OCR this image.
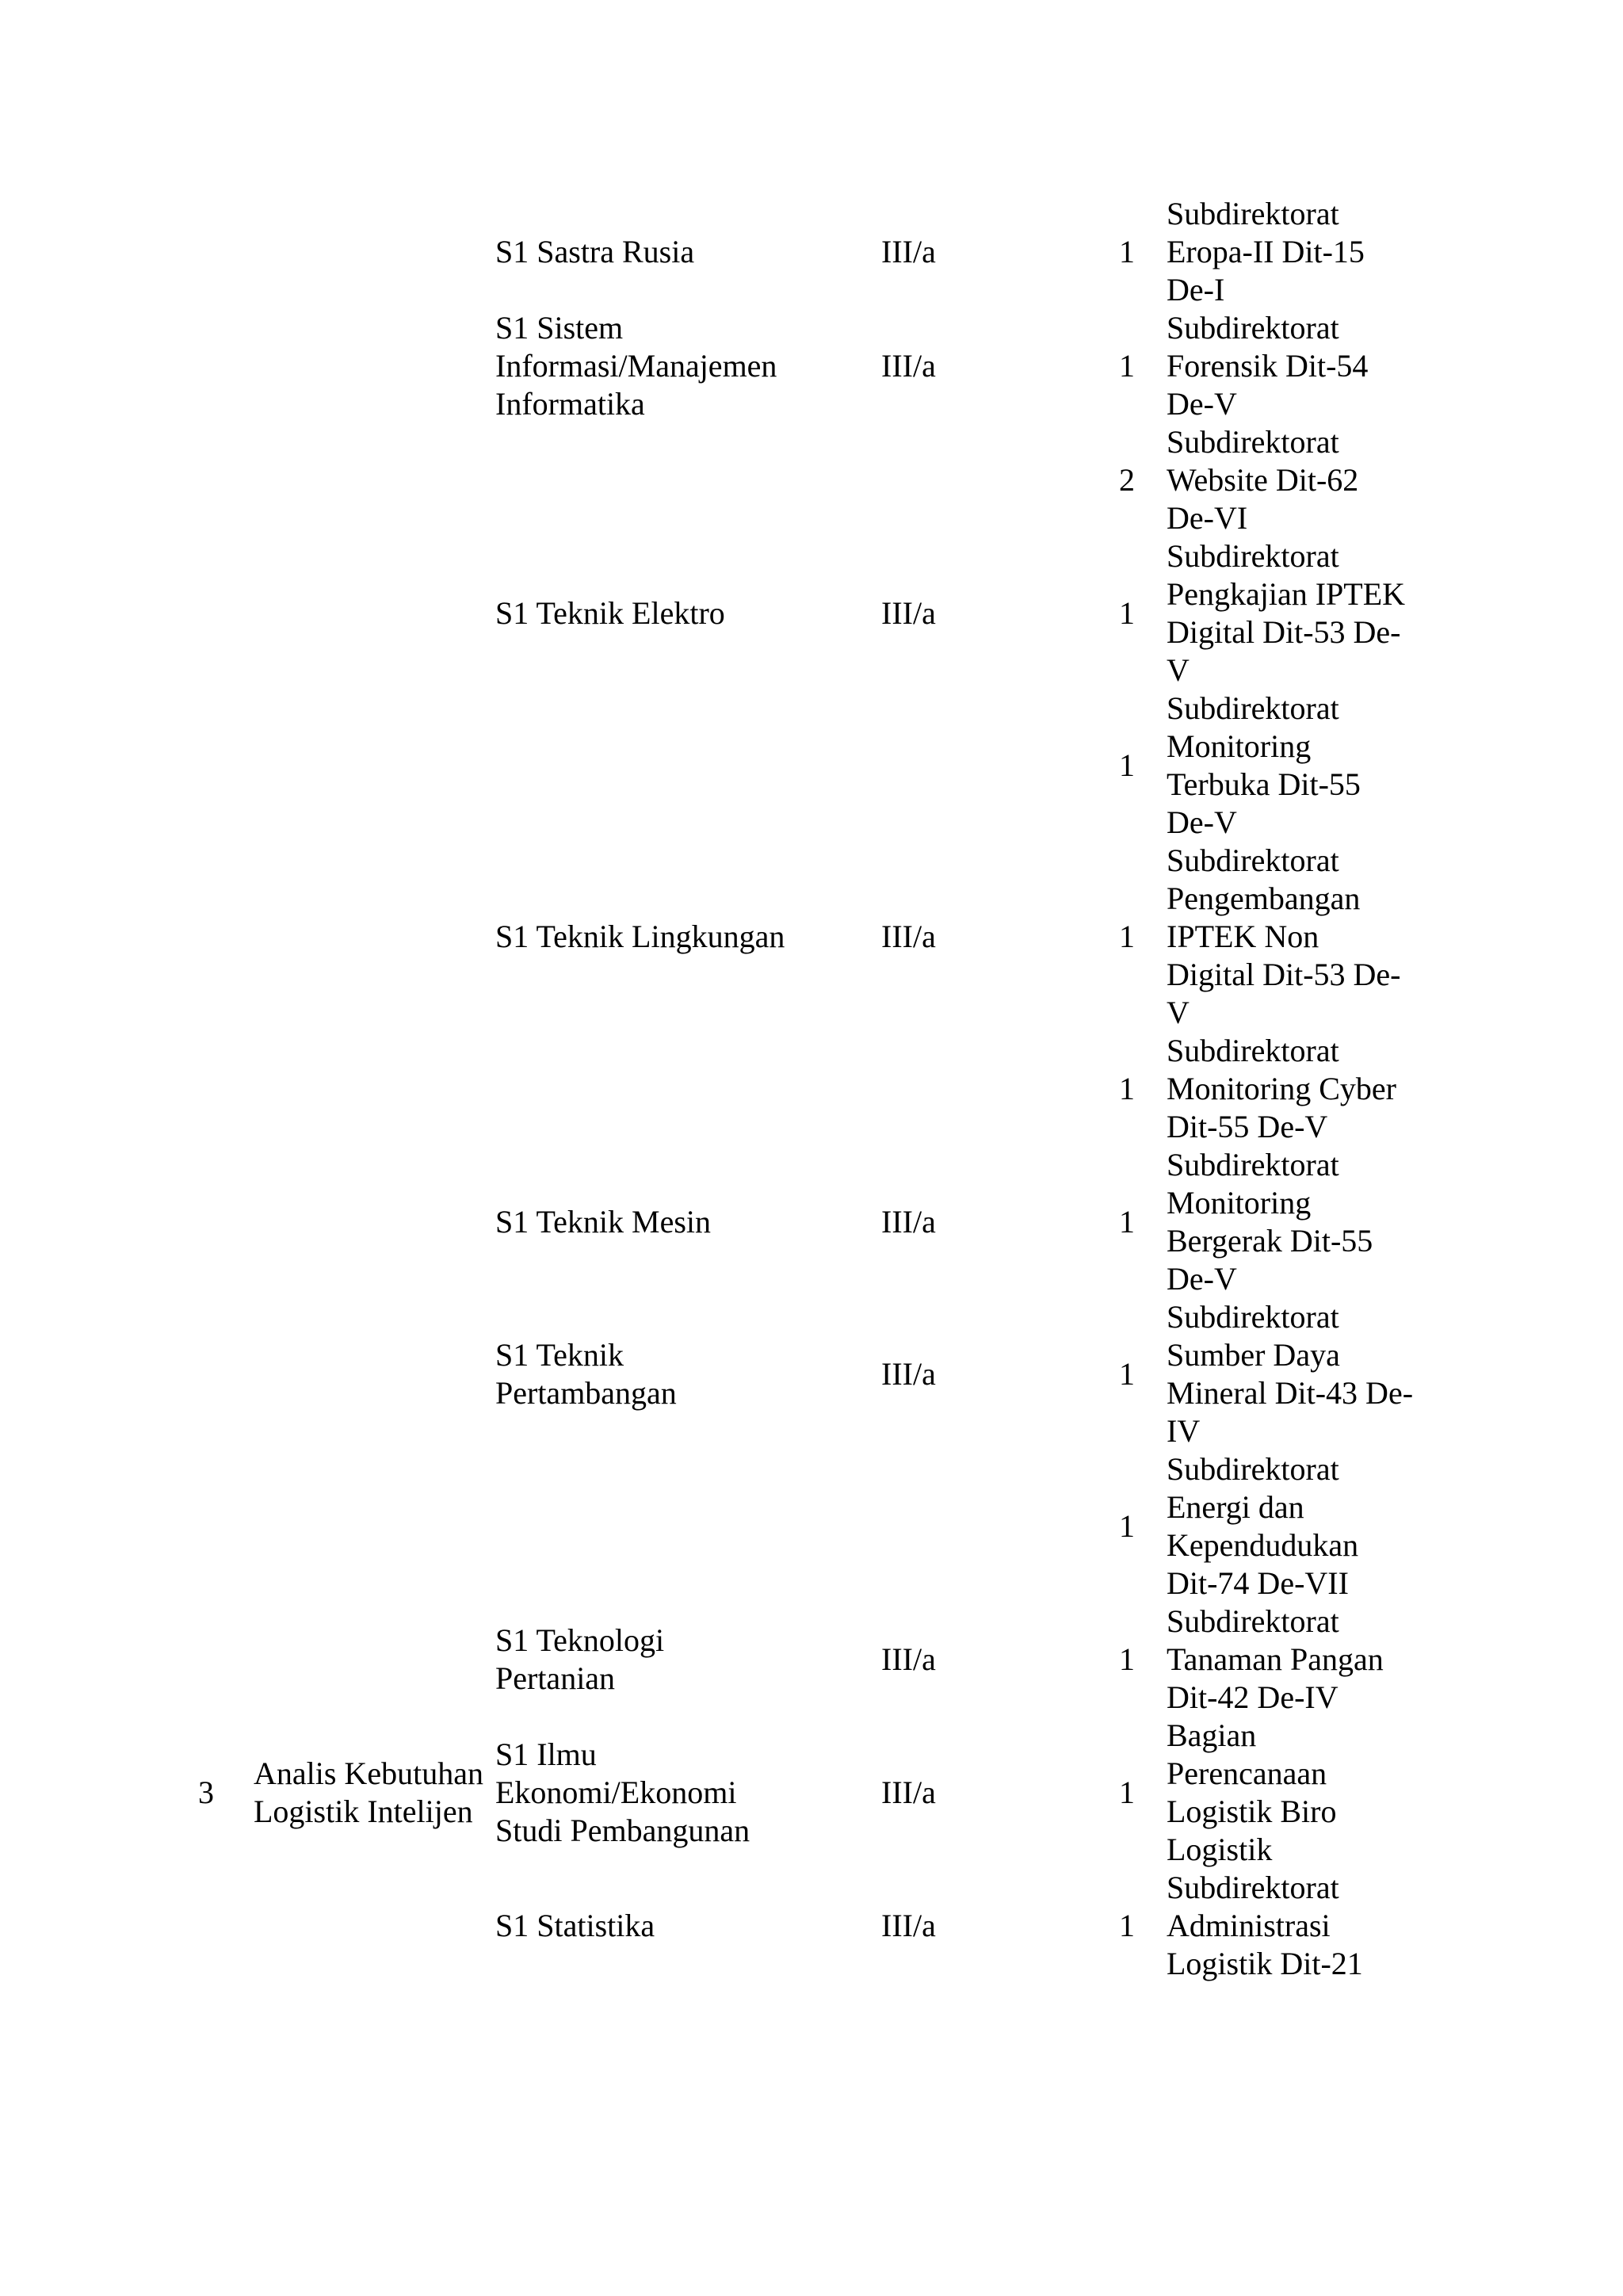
		S1 Sastra Rusia	III/a	1	Subdirektorat
Eropa-II Dit-15
De-I

		S1 Sistem
Informasi/Manajemen
Informatika	III/a	1	Subdirektorat
Forensik Dit-54
De-V

				2	Subdirektorat
Website Dit-62
De-VI

		S1 Teknik Elektro	III/a	1	Subdirektorat
Pengkajian IPTEK
Digital Dit-53 De-
V

				1	Subdirektorat
Monitoring
Terbuka Dit-55
De-V

		S1 Teknik Lingkungan	III/a	1	Subdirektorat
Pengembangan
IPTEK Non
Digital Dit-53 De-
V

				1	Subdirektorat
Monitoring Cyber
Dit-55 De-V

		S1 Teknik Mesin	III/a	1	Subdirektorat
Monitoring
Bergerak Dit-55
De-V

		S1 Teknik
Pertambangan	III/a	1	Subdirektorat
Sumber Daya
Mineral Dit-43 De-
IV

				1	Subdirektorat
Energi dan
Kependudukan
Dit-74 De-VII

		S1 Teknologi
Pertanian	III/a	1	Subdirektorat
Tanaman Pangan
Dit-42 De-IV

3	Analis Kebutuhan
Logistik Intelijen	S1 Ilmu
Ekonomi/Ekonomi
Studi Pembangunan	III/a	1	Bagian
Perencanaan
Logistik Biro
Logistik

		S1 Statistika	III/a	1	Subdirektorat
Administrasi
Logistik Dit-21
